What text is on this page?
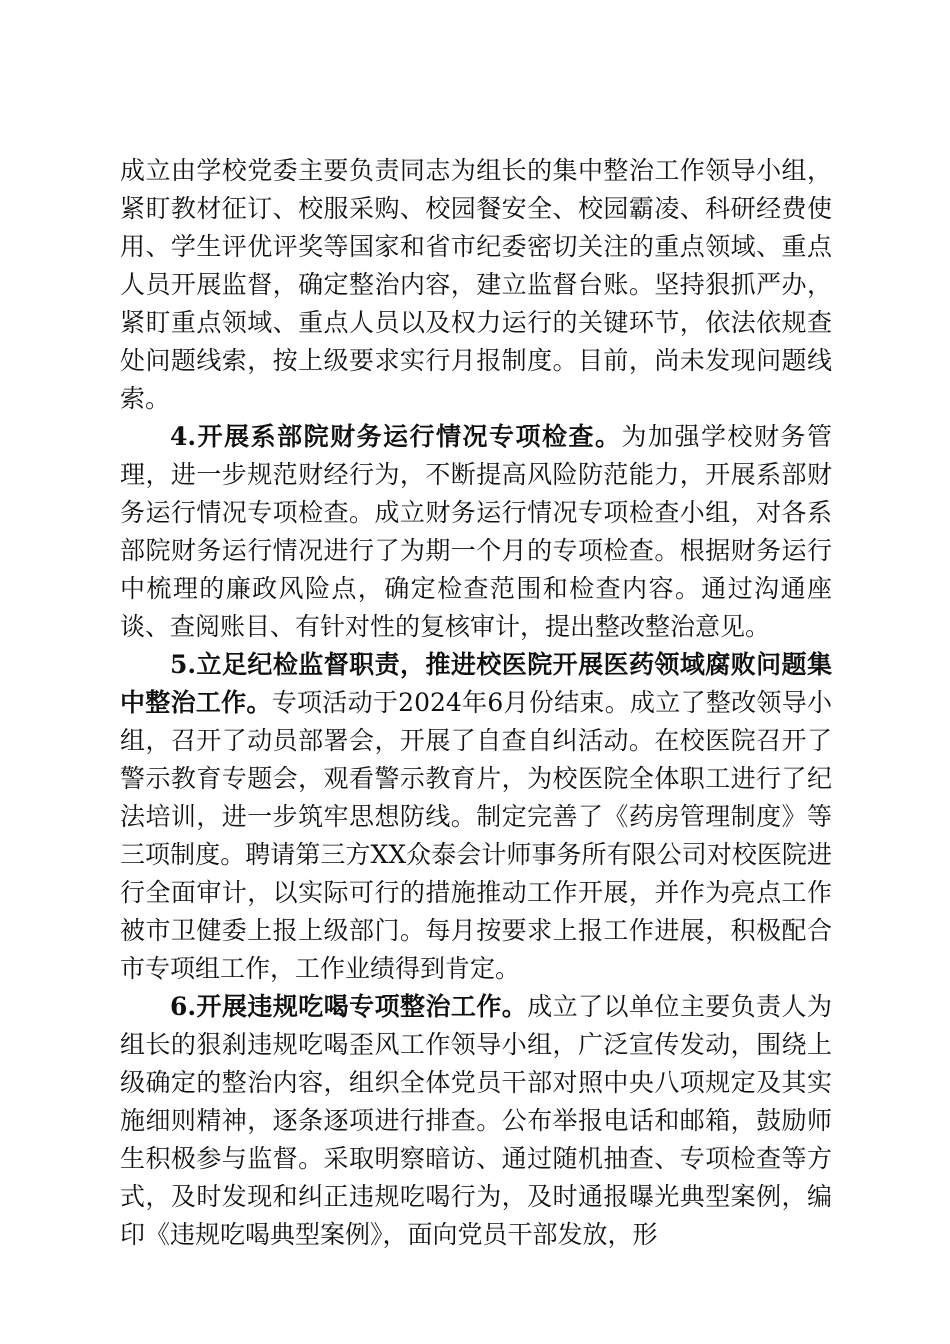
成立由学校党委主要负责同志为组长的集中整治工作领导小组，紧盯教材征订、校服采购、校园餐安全、校园霸凌、科研经费使用、学生评优评奖等国家和省市纪委密切关注的重点领域、重点人员开展监督，确定整治内容，建立监督台账。坚持狠抓严办，紧盯重点领域、重点人员以及权力运行的关键环节，依法依规查处问题线索，按上级要求实行月报制度。目前，尚未发现问题线索。

4.开展系部院财务运行情况专项检查。为加强学校财务管理，进一步规范财经行为，不断提高风险防范能力，开展系部财务运行情况专项检查。成立财务运行情况专项检查小组，对各系部院财务运行情况进行了为期一个月的专项检查。根据财务运行中梳理的廉政风险点，确定检查范围和检查内容。通过沟通座谈、查阅账目、有针对性的复核审计，提出整改整治意见。

5.立足纪检监督职责，推进校医院开展医药领域腐败问题集中整治工作。专项活动于2024年6月份结束。成立了整改领导小组，召开了动员部署会，开展了自查自纠活动。在校医院召开了警示教育专题会，观看警示教育片，为校医院全体职工进行了纪法培训，进一步筑牢思想防线。制定完善了《药房管理制度》等三项制度。聘请第三方XX众泰会计师事务所有限公司对校医院进行全面审计，以实际可行的措施推动工作开展，并作为亮点工作被市卫健委上报上级部门。每月按要求上报工作进展，积极配合市专项组工作，工作业绩得到肯定。

6.开展违规吃喝专项整治工作。成立了以单位主要负责人为组长的狠刹违规吃喝歪风工作领导小组，广泛宣传发动，围绕上级确定的整治内容，组织全体党员干部对照中央八项规定及其实施细则精神，逐条逐项进行排查。公布举报电话和邮箱，鼓励师生积极参与监督。采取明察暗访、通过随机抽查、专项检查等方式，及时发现和纠正违规吃喝行为，及时通报曝光典型案例，编印《违规吃喝典型案例》，面向党员干部发放，形
